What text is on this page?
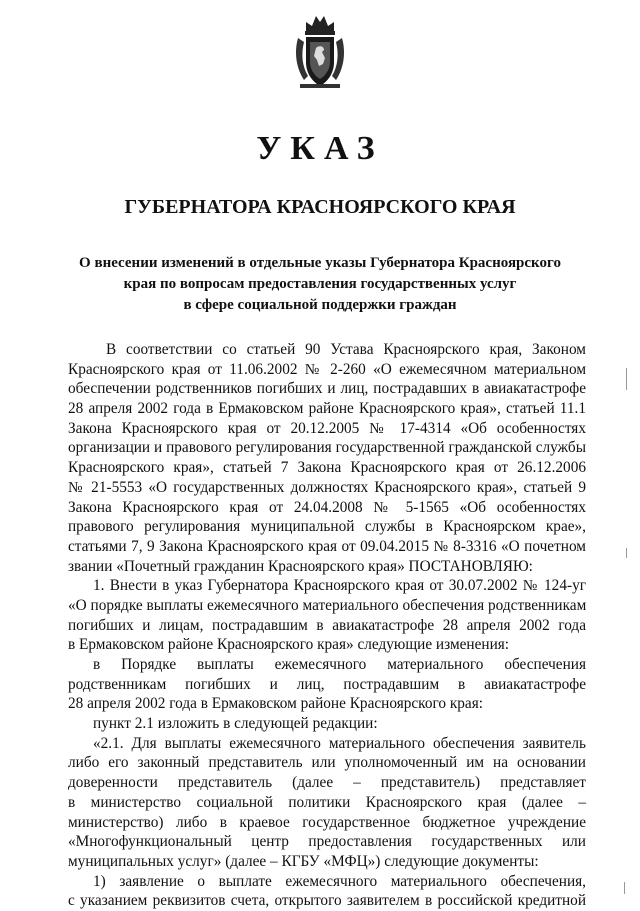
УКАЗ
ГУБЕРНАТОРА КРАСНОЯРСКОГО КРАЯ
О внесении изменений в отдельные указы Губернатора Красноярского
края по вопросам предоставления государственных услуг
в сфере социальной поддержки граждан
В соответствии со статьей 90 Устава Красноярского края, Законом
Красноярского края от 11.06.2002 № 2-260 «О ежемесячном материальном
обеспечении родственников погибших и лиц, пострадавших в авиакатастрофе
28 апреля 2002 года в Ермаковском районе Красноярского края», статьей 11.1
Закона Красноярского края от 20.12.2005 № 17-4314 «Об особенностях
организации и правового регулирования государственной гражданской службы
Красноярского края», статьей 7 Закона Красноярского края от 26.12.2006
№ 21-5553 «О государственных должностях Красноярского края», статьей 9
Закона Красноярского края от 24.04.2008 № 5-1565 «Об особенностях
правового регулирования муниципальной службы в Красноярском крае»,
статьями 7, 9 Закона Красноярского края от 09.04.2015 № 8-3316 «О почетном
звании «Почетный гражданин Красноярского края» ПОСТАНОВЛЯЮ:
1. Внести в указ Губернатора Красноярского края от 30.07.2002 № 124-уг
«О порядке выплаты ежемесячного материального обеспечения родственникам
погибших и лицам, пострадавшим в авиакатастрофе 28 апреля 2002 года
в Ермаковском районе Красноярского края» следующие изменения:
в Порядке выплаты ежемесячного материального обеспечения
родственникам погибших и лиц, пострадавшим в авиакатастрофе
28 апреля 2002 года в Ермаковском районе Красноярского края:
пункт 2.1 изложить в следующей редакции:
«2.1. Для выплаты ежемесячного материального обеспечения заявитель
либо его законный представитель или уполномоченный им на основании
доверенности представитель (далее – представитель) представляет
в министерство социальной политики Красноярского края (далее –
министерство) либо в краевое государственное бюджетное учреждение
«Многофункциональный центр предоставления государственных или
муниципальных услуг» (далее – КГБУ «МФЦ») следующие документы:
1) заявление о выплате ежемесячного материального обеспечения,
с указанием реквизитов счета, открытого заявителем в российской кредитной
